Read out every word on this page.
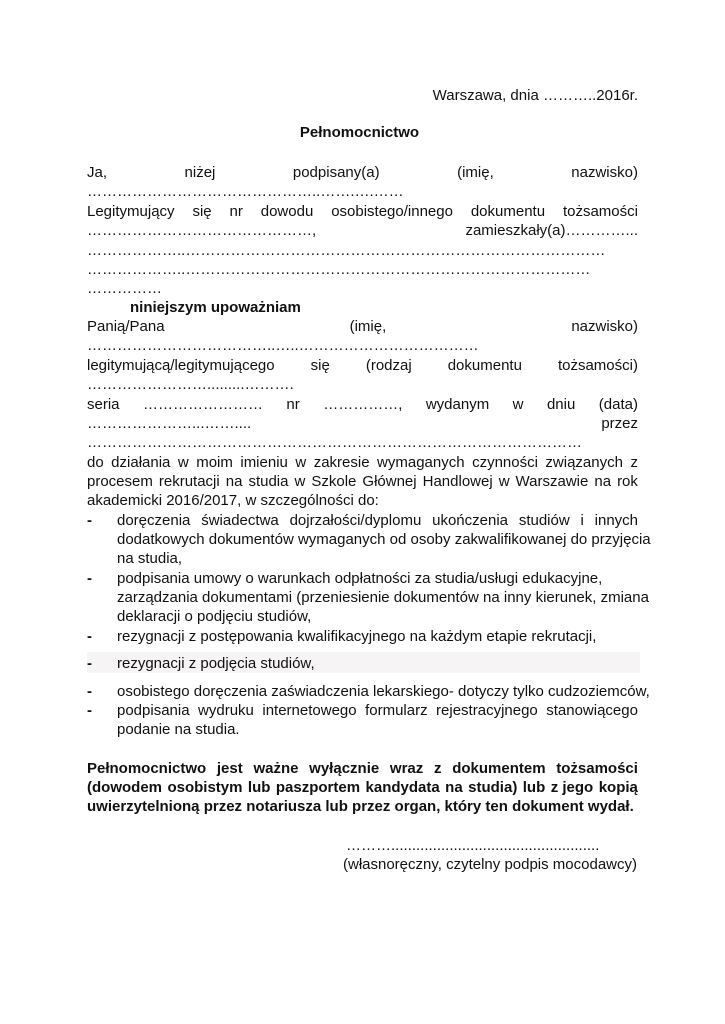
Warszawa, dnia ………..2016r.
Pełnomocnictwo
Ja,	niżej	podpisany(a)	(imię,	nazwisko)
………………………………………..…….….……
Legitymujący się nr dowodu osobistego/innego dokumentu tożsamości
………………………………………,	zamieszkały(a)…………...
………………..…………………………………………………………………………
………………..………………………………………………………………………
……………
niniejszym upoważniam
Panią/Pana	(imię,	nazwisko)
………………………………..…..………………………………
legitymującą/legitymującego się (rodzaj dokumentu tożsamości)
…………………….........……….
seria …………………… nr ……………, wydanym w dniu (data)
…………………...……....	przez
………………………………………………………………………………………
do działania w moim imieniu w zakresie wymaganych czynności związanych z
procesem rekrutacji na studia w Szkole Głównej Handlowej w Warszawie na rok
akademicki 2016/2017, w szczególności do:
-	doręczenia świadectwa dojrzałości/dyplomu ukończenia studiów i innych
dodatkowych dokumentów wymaganych od osoby zakwalifikowanej do przyjęcia
na studia,
-	podpisania umowy o warunkach odpłatności za studia/usługi edukacyjne,
zarządzania dokumentami (przeniesienie dokumentów na inny kierunek, zmiana
deklaracji o podjęciu studiów,
-	rezygnacji z postępowania kwalifikacyjnego na każdym etapie rekrutacji,
-	rezygnacji z podjęcia studiów,
-	osobistego doręczenia zaświadczenia lekarskiego- dotyczy tylko cudzoziemców,
-	podpisania wydruku internetowego formularz rejestracyjnego stanowiącego
podanie na studia.
Pełnomocnictwo jest ważne wyłącznie wraz z dokumentem tożsamości
(dowodem osobistym lub paszportem kandydata na studia) lub z jego kopią
uwierzytelnioną przez notariusza lub przez organ, który ten dokument wydał.
………..................................................
(własnoręczny, czytelny podpis mocodawcy)
